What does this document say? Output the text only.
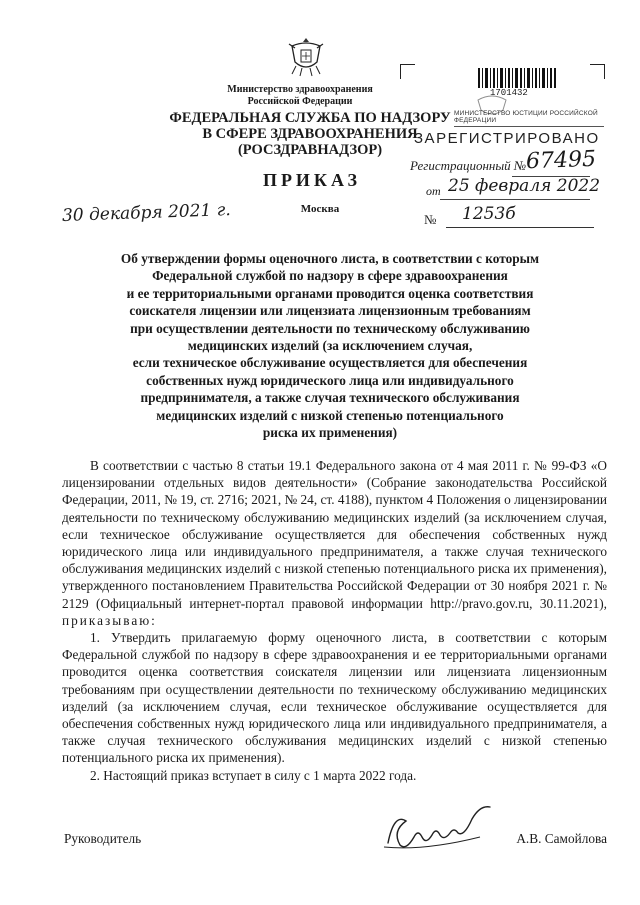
Министерство здравоохранения
Российской Федерации
ФЕДЕРАЛЬНАЯ СЛУЖБА ПО НАДЗОРУ
В СФЕРЕ ЗДРАВООХРАНЕНИЯ
(РОСЗДРАВНАДЗОР)
ПРИКАЗ
Москва
30 декабря 2021 г.	№ 1253б
1701432
МИНИСТЕРСТВО ЮСТИЦИИ РОССИЙСКОЙ ФЕДЕРАЦИИ
ЗАРЕГИСТРИРОВАНО
Регистрационный № 67495
от 25 февраля 2022
Об утверждении формы оценочного листа, в соответствии с которым
Федеральной службой по надзору в сфере здравоохранения
и ее территориальными органами проводится оценка соответствия
соискателя лицензии или лицензиата лицензионным требованиям
при осуществлении деятельности по техническому обслуживанию
медицинских изделий (за исключением случая,
если техническое обслуживание осуществляется для обеспечения
собственных нужд юридического лица или индивидуального
предпринимателя, а также случая технического обслуживания
медицинских изделий с низкой степенью потенциального
риска их применения)

В соответствии с частью 8 статьи 19.1 Федерального закона от 4 мая 2011 г. № 99-ФЗ «О лицензировании отдельных видов деятельности» (Собрание законодательства Российской Федерации, 2011, № 19, ст. 2716; 2021, № 24, ст. 4188), пунктом 4 Положения о лицензировании деятельности по техническому обслуживанию медицинских изделий (за исключением случая, если техническое обслуживание осуществляется для обеспечения собственных нужд юридического лица или индивидуального предпринимателя, а также случая технического обслуживания медицинских изделий с низкой степенью потенциального риска их применения), утвержденного постановлением Правительства Российской Федерации от 30 ноября 2021 г. № 2129 (Официальный интернет-портал правовой информации http://pravo.gov.ru, 30.11.2021), приказываю:

1. Утвердить прилагаемую форму оценочного листа, в соответствии с которым Федеральной службой по надзору в сфере здравоохранения и ее территориальными органами проводится оценка соответствия соискателя лицензии или лицензиата лицензионным требованиям при осуществлении деятельности по техническому обслуживанию медицинских изделий (за исключением случая, если техническое обслуживание осуществляется для обеспечения собственных нужд юридического лица или индивидуального предпринимателя, а также случая технического обслуживания медицинских изделий с низкой степенью потенциального риска их применения).

2. Настоящий приказ вступает в силу с 1 марта 2022 года.

Руководитель	А.В. Самойлова
